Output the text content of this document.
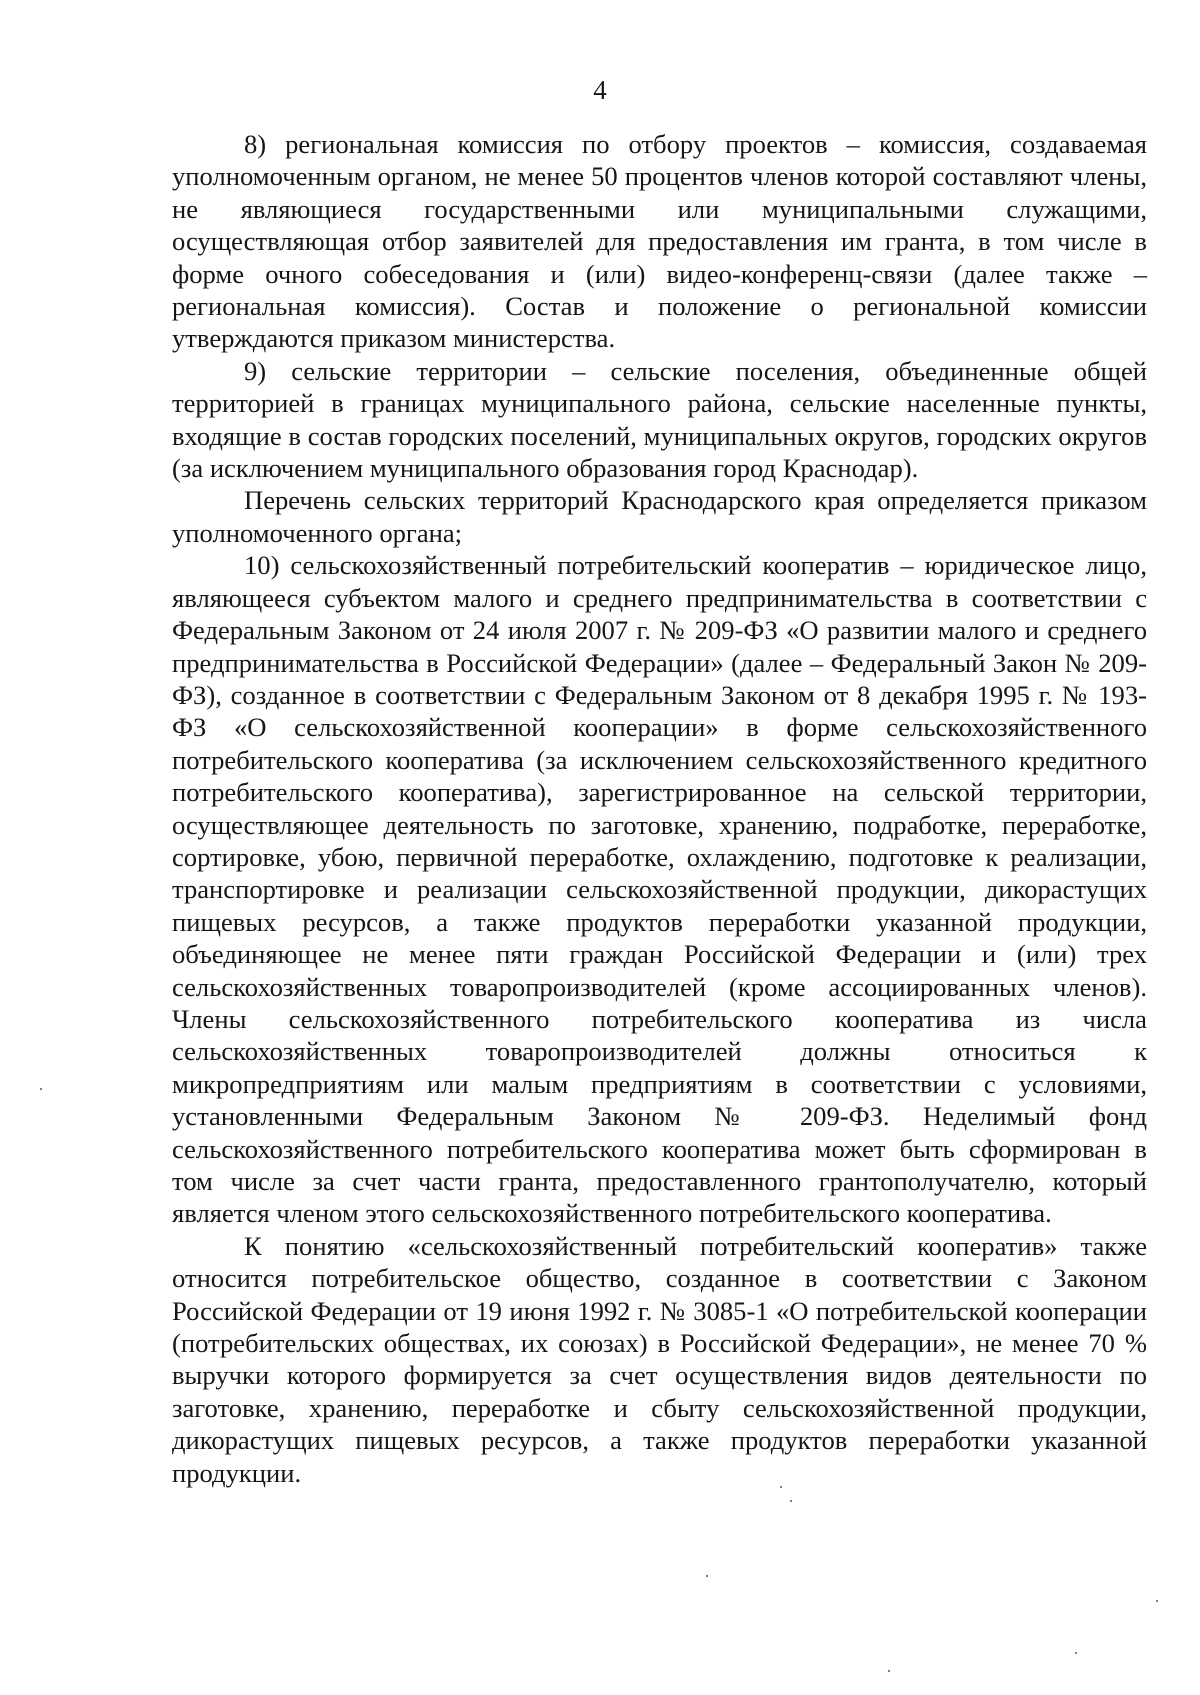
4

8) региональная комиссия по отбору проектов – комиссия, создаваемая уполномоченным органом, не менее 50 процентов членов которой составляют члены, не являющиеся государственными или муниципальными служащими, осуществляющая отбор заявителей для предоставления им гранта, в том числе в форме очного собеседования и (или) видео-конференц-связи (далее также – региональная комиссия). Состав и положение о региональной комиссии утверждаются приказом министерства.

9) сельские территории – сельские поселения, объединенные общей территорией в границах муниципального района, сельские населенные пункты, входящие в состав городских поселений, муниципальных округов, городских округов (за исключением муниципального образования город Краснодар).

Перечень сельских территорий Краснодарского края определяется приказом уполномоченного органа;

10) сельскохозяйственный потребительский кооператив – юридическое лицо, являющееся субъектом малого и среднего предпринимательства в соответствии с Федеральным Законом от 24 июля 2007 г. № 209-ФЗ «О развитии малого и среднего предпринимательства в Российской Федерации» (далее – Федеральный Закон № 209-ФЗ), созданное в соответствии с Федеральным Законом от 8 декабря 1995 г. № 193-ФЗ «О сельскохозяйственной кооперации» в форме сельскохозяйственного потребительского кооператива (за исключением сельскохозяйственного кредитного потребительского кооператива), зарегистрированное на сельской территории, осуществляющее деятельность по заготовке, хранению, подработке, переработке, сортировке, убою, первичной переработке, охлаждению, подготовке к реализации, транспортировке и реализации сельскохозяйственной продукции, дикорастущих пищевых ресурсов, а также продуктов переработки указанной продукции, объединяющее не менее пяти граждан Российской Федерации и (или) трех сельскохозяйственных товаропроизводителей (кроме ассоциированных членов). Члены сельскохозяйственного потребительского кооператива из числа сельскохозяйственных товаропроизводителей должны относиться к микропредприятиям или малым предприятиям в соответствии с условиями, установленными Федеральным Законом № 209-ФЗ. Неделимый фонд сельскохозяйственного потребительского кооператива может быть сформирован в том числе за счет части гранта, предоставленного грантополучателю, который является членом этого сельскохозяйственного потребительского кооператива.

К понятию «сельскохозяйственный потребительский кооператив» также относится потребительское общество, созданное в соответствии с Законом Российской Федерации от 19 июня 1992 г. № 3085-1 «О потребительской кооперации (потребительских обществах, их союзах) в Российской Федерации», не менее 70 % выручки которого формируется за счет осуществления видов деятельности по заготовке, хранению, переработке и сбыту сельскохозяйственной продукции, дикорастущих пищевых ресурсов, а также продуктов переработки указанной продукции.
